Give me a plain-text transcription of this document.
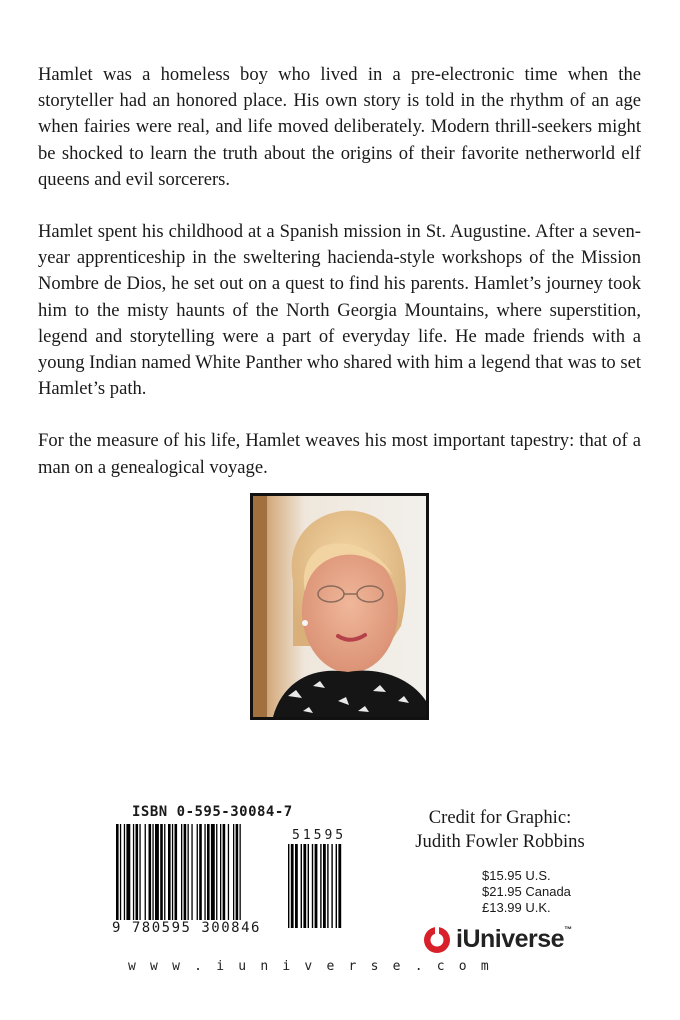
Hamlet was a homeless boy who lived in a pre-electronic time when the storyteller had an honored place. His own story is told in the rhythm of an age when fairies were real, and life moved deliberately. Modern thrill-seekers might be shocked to learn the truth about the origins of their favorite netherworld elf queens and evil sorcerers.

Hamlet spent his childhood at a Spanish mission in St. Augustine. After a seven-year apprenticeship in the sweltering hacienda-style workshops of the Mission Nombre de Dios, he set out on a quest to find his parents. Hamlet’s journey took him to the misty haunts of the North Georgia Mountains, where superstition, legend and storytelling were a part of everyday life. He made friends with a young Indian named White Panther who shared with him a legend that was to set Hamlet’s path.

For the measure of his life, Hamlet weaves his most important tapestry: that of a man on a genealogical voyage.

ISBN 0-595-30084-7
51595
9 780595 300846
Credit for Graphic:
Judith Fowler Robbins
$15.95 U.S.
$21.95 Canada
£13.99 U.K.
iUniverse™
w w w . i u n i v e r s e . c o m
